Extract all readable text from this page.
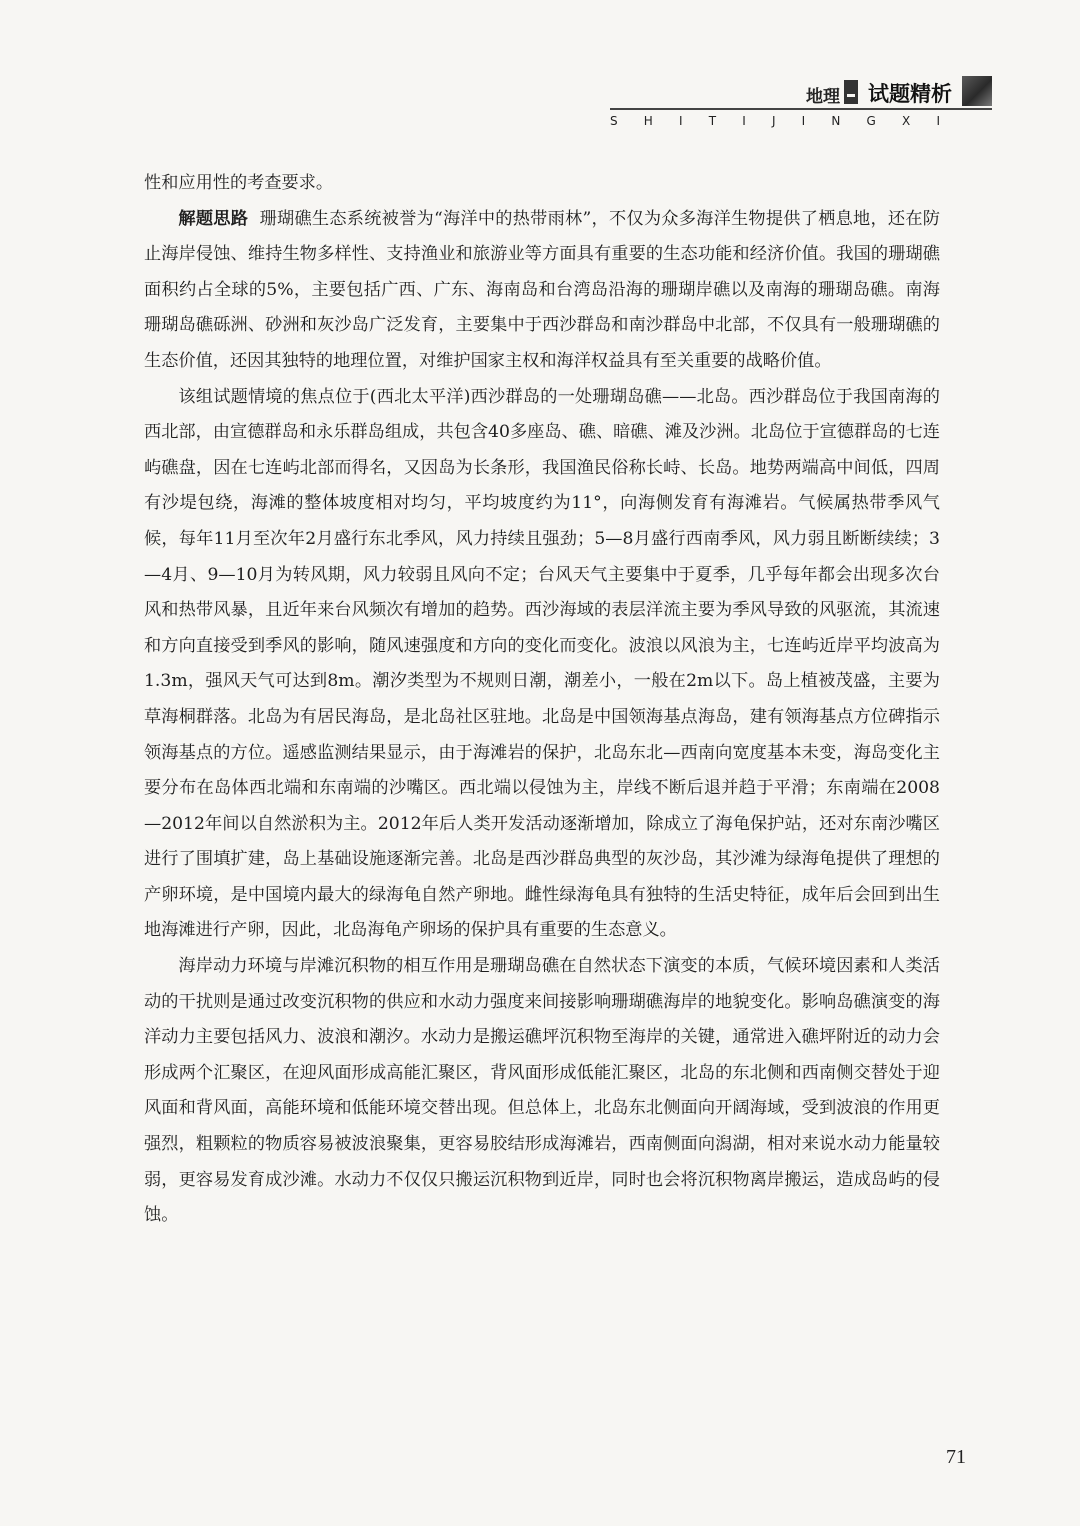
地理 试题精析
S H I T I J I N G X I

性和应用性的考查要求。

解题思路 珊瑚礁生态系统被誉为“海洋中的热带雨林”，不仅为众多海洋生物提供了栖息地，还在防止海岸侵蚀、维持生物多样性、支持渔业和旅游业等方面具有重要的生态功能和经济价值。我国的珊瑚礁面积约占全球的5%，主要包括广西、广东、海南岛和台湾岛沿海的珊瑚岸礁以及南海的珊瑚岛礁。南海珊瑚岛礁砾洲、砂洲和灰沙岛广泛发育，主要集中于西沙群岛和南沙群岛中北部，不仅具有一般珊瑚礁的生态价值，还因其独特的地理位置，对维护国家主权和海洋权益具有至关重要的战略价值。

该组试题情境的焦点位于(西北太平洋)西沙群岛的一处珊瑚岛礁——北岛。西沙群岛位于我国南海的西北部，由宣德群岛和永乐群岛组成，共包含40多座岛、礁、暗礁、滩及沙洲。北岛位于宣德群岛的七连屿礁盘，因在七连屿北部而得名，又因岛为长条形，我国渔民俗称长峙、长岛。地势两端高中间低，四周有沙堤包绕，海滩的整体坡度相对均匀，平均坡度约为11°，向海侧发育有海滩岩。气候属热带季风气候，每年11月至次年2月盛行东北季风，风力持续且强劲；5—8月盛行西南季风，风力弱且断断续续；3—4月、9—10月为转风期，风力较弱且风向不定；台风天气主要集中于夏季，几乎每年都会出现多次台风和热带风暴，且近年来台风频次有增加的趋势。西沙海域的表层洋流主要为季风导致的风驱流，其流速和方向直接受到季风的影响，随风速强度和方向的变化而变化。波浪以风浪为主，七连屿近岸平均波高为1.3m，强风天气可达到8m。潮汐类型为不规则日潮，潮差小，一般在2m以下。岛上植被茂盛，主要为草海桐群落。北岛为有居民海岛，是北岛社区驻地。北岛是中国领海基点海岛，建有领海基点方位碑指示领海基点的方位。遥感监测结果显示，由于海滩岩的保护，北岛东北—西南向宽度基本未变，海岛变化主要分布在岛体西北端和东南端的沙嘴区。西北端以侵蚀为主，岸线不断后退并趋于平滑；东南端在2008—2012年间以自然淤积为主。2012年后人类开发活动逐渐增加，除成立了海龟保护站，还对东南沙嘴区进行了围填扩建，岛上基础设施逐渐完善。北岛是西沙群岛典型的灰沙岛，其沙滩为绿海龟提供了理想的产卵环境，是中国境内最大的绿海龟自然产卵地。雌性绿海龟具有独特的生活史特征，成年后会回到出生地海滩进行产卵，因此，北岛海龟产卵场的保护具有重要的生态意义。

海岸动力环境与岸滩沉积物的相互作用是珊瑚岛礁在自然状态下演变的本质，气候环境因素和人类活动的干扰则是通过改变沉积物的供应和水动力强度来间接影响珊瑚礁海岸的地貌变化。影响岛礁演变的海洋动力主要包括风力、波浪和潮汐。水动力是搬运礁坪沉积物至海岸的关键，通常进入礁坪附近的动力会形成两个汇聚区，在迎风面形成高能汇聚区，背风面形成低能汇聚区，北岛的东北侧和西南侧交替处于迎风面和背风面，高能环境和低能环境交替出现。但总体上，北岛东北侧面向开阔海域，受到波浪的作用更强烈，粗颗粒的物质容易被波浪聚集，更容易胶结形成海滩岩，西南侧面向潟湖，相对来说水动力能量较弱，更容易发育成沙滩。水动力不仅仅只搬运沉积物到近岸，同时也会将沉积物离岸搬运，造成岛屿的侵蚀。

71
